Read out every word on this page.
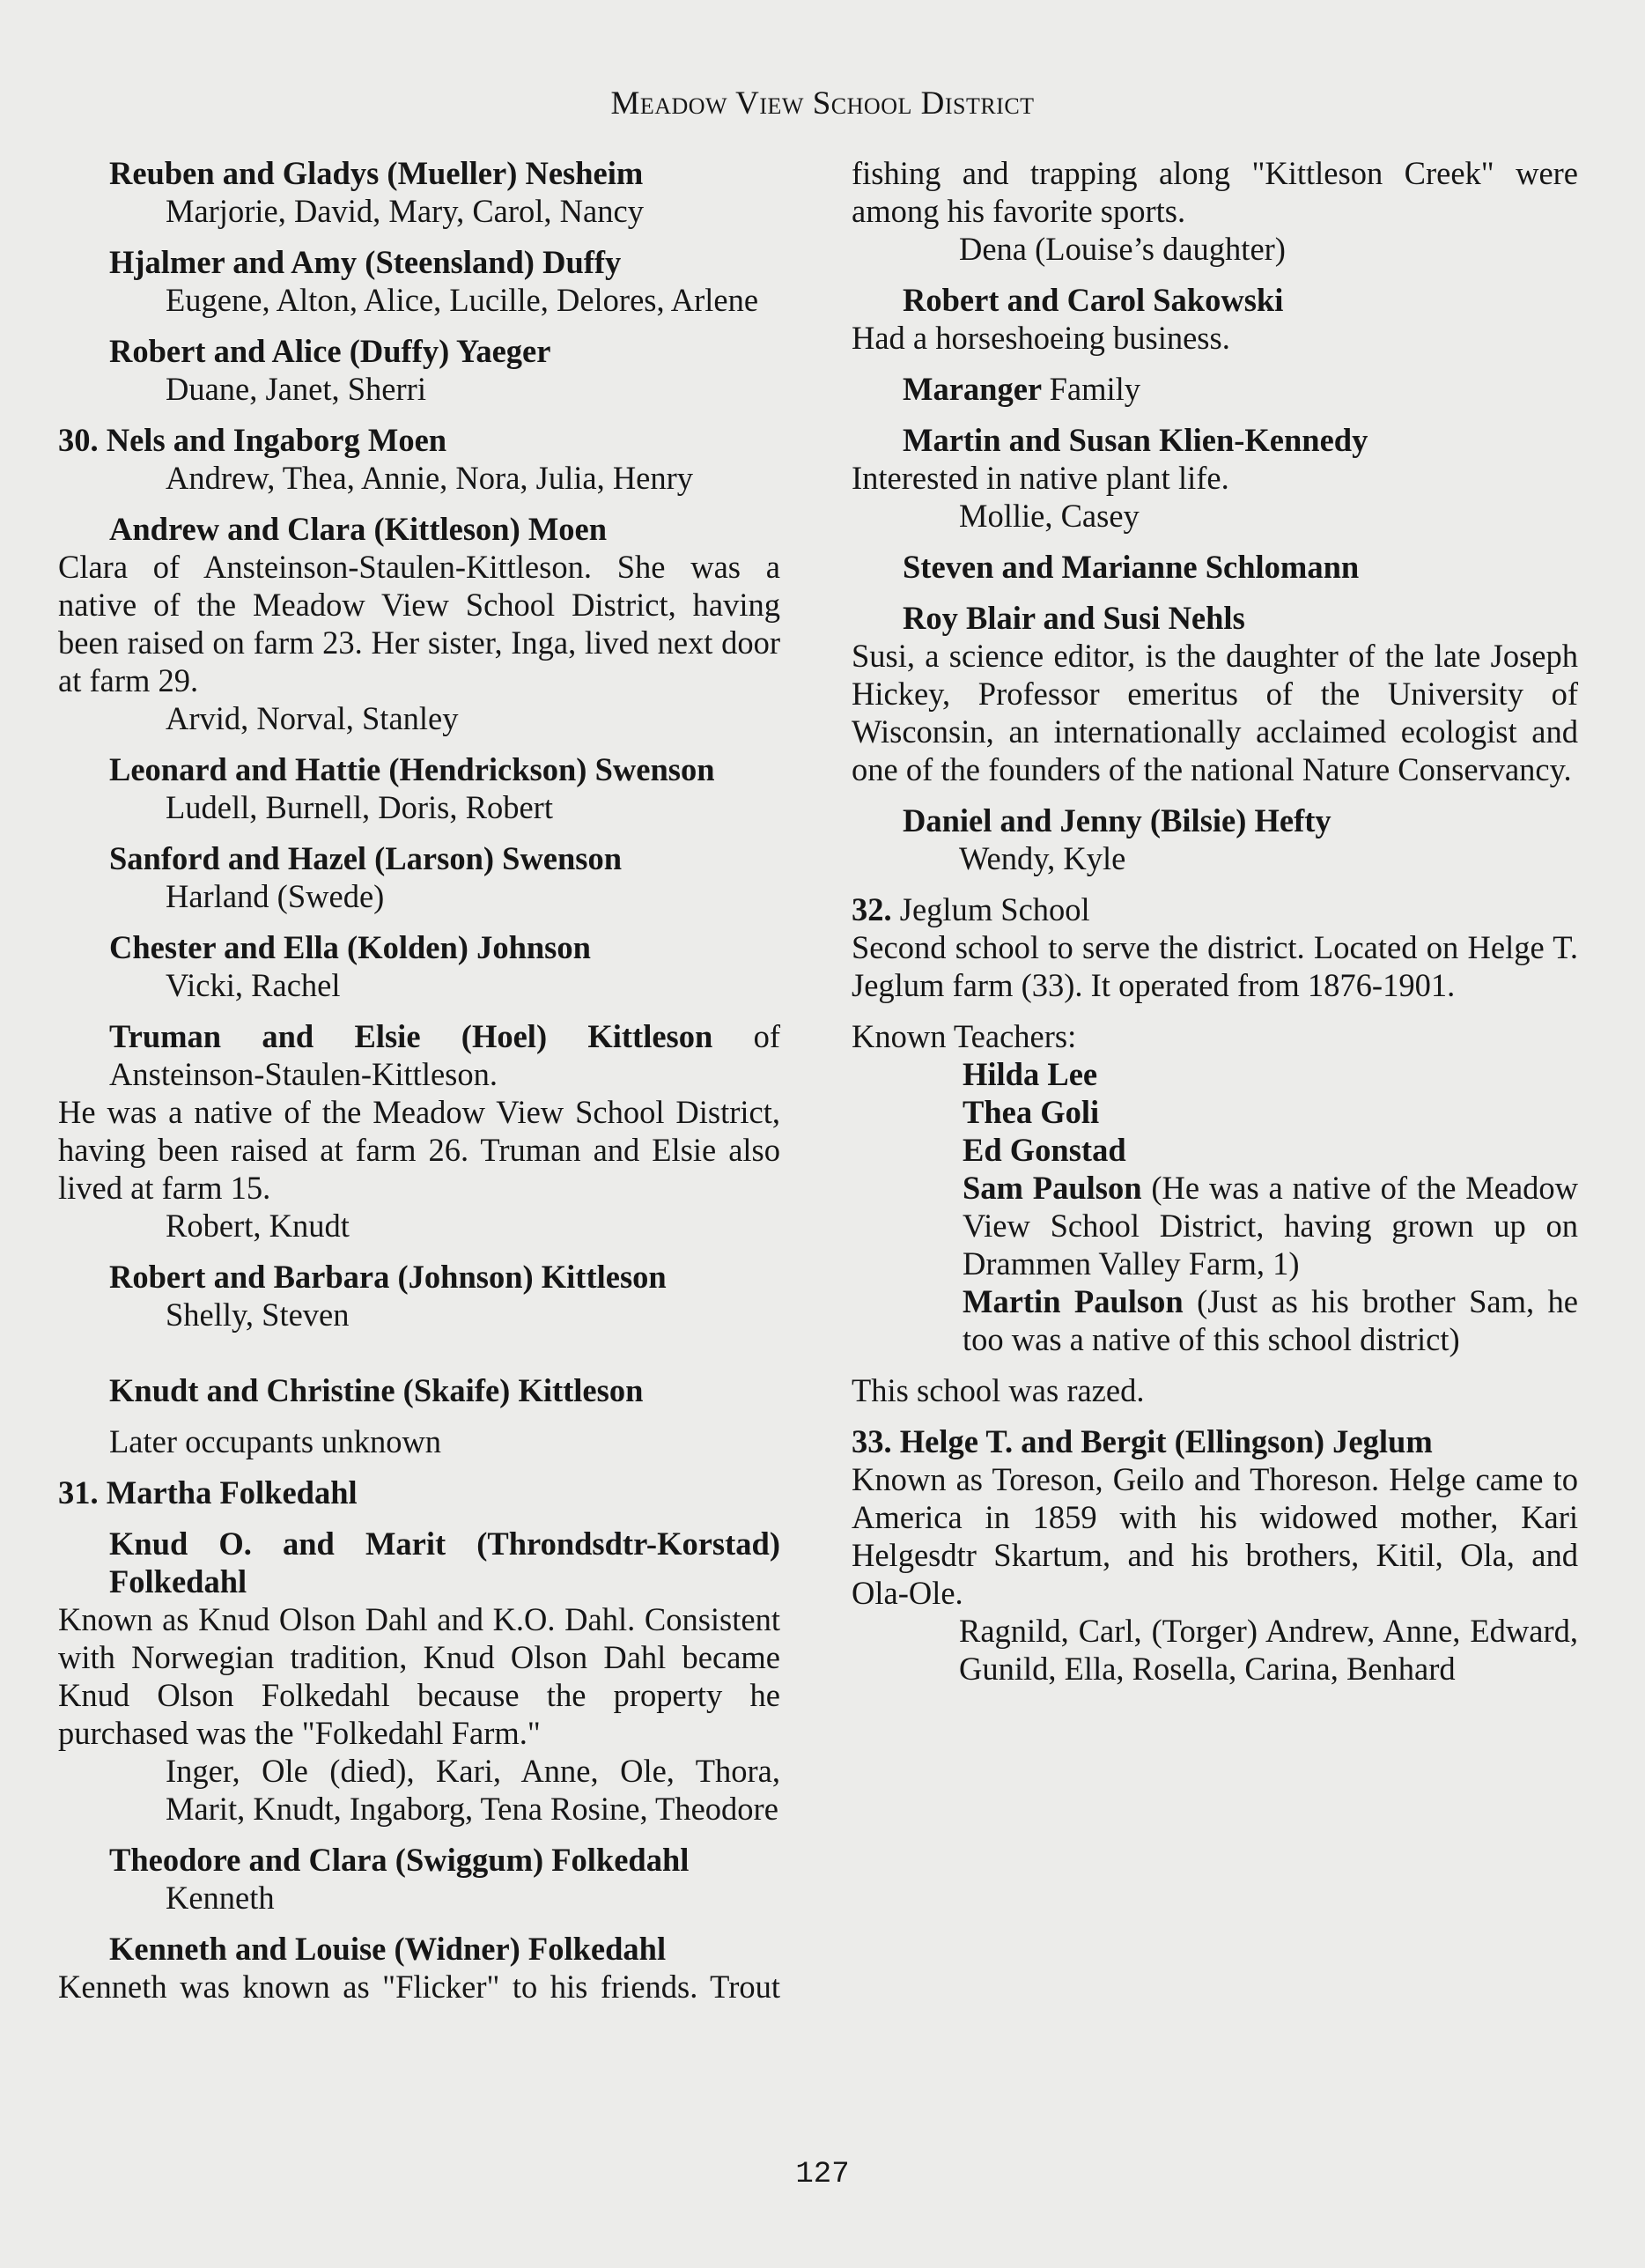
Meadow View School District
Reuben and Gladys (Mueller) Nesheim
Marjorie, David, Mary, Carol, Nancy
Hjalmer and Amy (Steensland) Duffy
Eugene, Alton, Alice, Lucille, Delores, Arlene
Robert and Alice (Duffy) Yaeger
Duane, Janet, Sherri
30. Nels and Ingaborg Moen
Andrew, Thea, Annie, Nora, Julia, Henry
Andrew and Clara (Kittleson) Moen
Clara of Ansteinson-Staulen-Kittleson. She was a native of the Meadow View School District, having been raised on farm 23. Her sister, Inga, lived next door at farm 29.
Arvid, Norval, Stanley
Leonard and Hattie (Hendrickson) Swenson
Ludell, Burnell, Doris, Robert
Sanford and Hazel (Larson) Swenson
Harland (Swede)
Chester and Ella (Kolden) Johnson
Vicki, Rachel
Truman and Elsie (Hoel) Kittleson of
Ansteinson-Staulen-Kittleson.
He was a native of the Meadow View School District, having been raised at farm 26. Truman and Elsie also lived at farm 15.
Robert, Knudt
Robert and Barbara (Johnson) Kittleson
Shelly, Steven
Knudt and Christine (Skaife) Kittleson
Later occupants unknown
31. Martha Folkedahl
Knud O. and Marit (Throndsdtr-Korstad)
Folkedahl
Known as Knud Olson Dahl and K.O. Dahl. Consistent with Norwegian tradition, Knud Olson Dahl became Knud Olson Folkedahl because the property he purchased was the "Folkedahl Farm."
Inger, Ole (died), Kari, Anne, Ole, Thora, Marit, Knudt, Ingaborg, Tena Rosine, Theodore
Theodore and Clara (Swiggum) Folkedahl
Kenneth
Kenneth and Louise (Widner) Folkedahl
Kenneth was known as "Flicker" to his friends. Trout
fishing and trapping along "Kittleson Creek" were among his favorite sports.
Dena (Louise’s daughter)
Robert and Carol Sakowski
Had a horseshoeing business.
Maranger Family
Martin and Susan Klien-Kennedy
Interested in native plant life.
Mollie, Casey
Steven and Marianne Schlomann
Roy Blair and Susi Nehls
Susi, a science editor, is the daughter of the late Joseph Hickey, Professor emeritus of the University of Wisconsin, an internationally acclaimed ecologist and one of the founders of the national Nature Conservancy.
Daniel and Jenny (Bilsie) Hefty
Wendy, Kyle
32. Jeglum School
Second school to serve the district. Located on Helge T. Jeglum farm (33). It operated from 1876-1901.
Known Teachers:
Hilda Lee
Thea Goli
Ed Gonstad
Sam Paulson (He was a native of the Meadow View School District, having grown up on Drammen Valley Farm, 1)
Martin Paulson (Just as his brother Sam, he too was a native of this school district)
This school was razed.
33. Helge T. and Bergit (Ellingson) Jeglum
Known as Toreson, Geilo and Thoreson. Helge came to America in 1859 with his widowed mother, Kari Helgesdtr Skartum, and his brothers, Kitil, Ola, and Ola-Ole.
Ragnild, Carl, (Torger) Andrew, Anne, Edward, Gunild, Ella, Rosella, Carina, Benhard
127
